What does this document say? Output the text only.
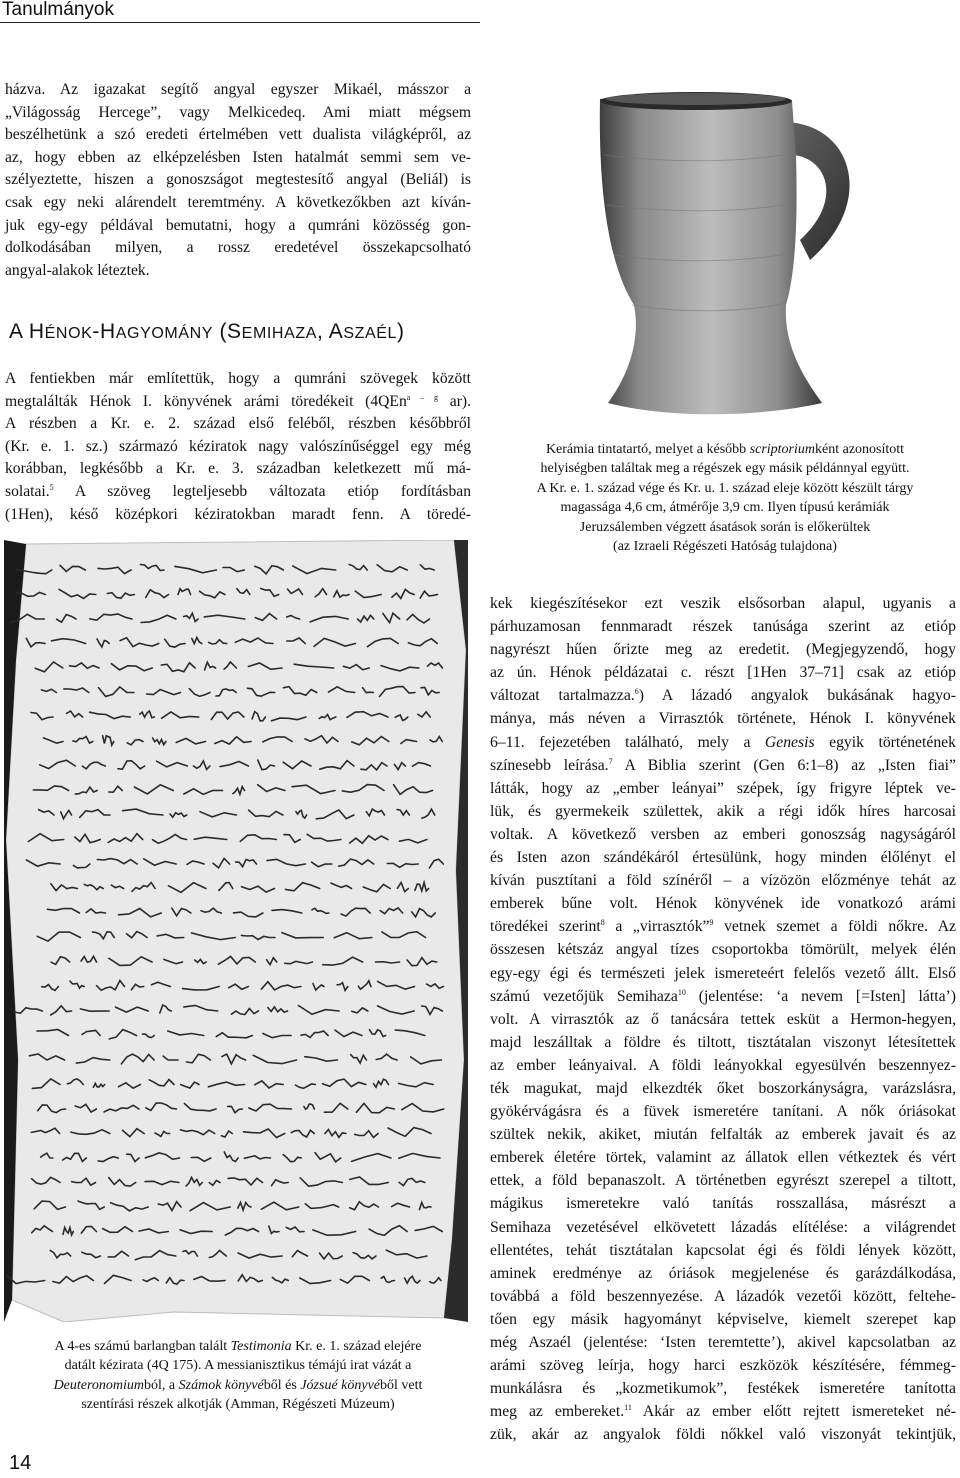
Tanulmányok

házva. Az igazakat segítő angyal egyszer Mikaél, másszor a
„Világosság Hercege”, vagy Melkicedeq. Ami miatt mégsem
beszélhetünk a szó eredeti értelmében vett dualista világképről, az
az, hogy ebben az elképzelésben Isten hatalmát semmi sem ve-
szélyeztette, hiszen a gonoszságot megtestesítő angyal (Beliál) is
csak egy neki alárendelt teremtmény. A következőkben azt kíván-
juk egy-egy példával bemutatni, hogy a qumráni közösség gon-
dolkodásában milyen, a rossz eredetével összekapcsolható
angyal-alakok léteztek.

A HÉNOK-HAGYOMÁNY (SEMIHAZA, ASZAÉL)

A fentiekben már említettük, hogy a qumráni szövegek között
megtalálták Hénok I. könyvének arámi töredékeit (4QEn$^{a - g}$ ar).
A részben a Kr. e. 2. század első feléből, részben későbbről
(Kr. e. 1. sz.) származó kéziratok nagy valószínűséggel egy még
korábban, legkésőbb a Kr. e. 3. században keletkezett mű má-
solatai.$^5$ A szöveg legteljesebb változata etióp fordításban
(1Hen), késő középkori kéziratokban maradt fenn. A töredé-

Kerámia tintatartó, melyet a később scriptoriumként azonosított

helyiségben találtak meg a régészek egy másik példánnyal együtt.

A Kr. e. 1. század vége és Kr. u. 1. század eleje között készült tárgy

magassága 4,6 cm, átmérője 3,9 cm. Ilyen típusú kerámiák

Jeruzsálemben végzett ásatások során is előkerültek

(az Izraeli Régészeti Hatóság tulajdona)

A 4-es számú barlangban talált Testimonia Kr. e. 1. század elejére

datált kézirata (4Q 175). A messianisztikus témájú irat vázát a

Deuteronomiumból, a Számok könyvéből és Józsué könyvéből vett

szentírási részek alkotják (Amman, Régészeti Múzeum)

kek kiegészítésekor ezt veszik elsősorban alapul, ugyanis a
párhuzamosan fennmaradt részek tanúsága szerint az etióp
nagyrészt hűen őrizte meg az eredetit. (Megjegyzendő, hogy
az ún. Hénok példázatai c. részt [1Hen 37–71] csak az etióp
változat tartalmazza.$^6$) A lázadó angyalok bukásának hagyo-
mánya, más néven a Virrasztók története, Hénok I. könyvének
6–11. fejezetében található, mely a Genesis egyik történetének
színesebb leírása.$^7$ A Biblia szerint (Gen 6:1–8) az „Isten fiai”
látták, hogy az „ember leányai” szépek, így frigyre léptek ve-
lük, és gyermekeik születtek, akik a régi idők híres harcosai
voltak. A következő versben az emberi gonoszság nagyságáról
és Isten azon szándékáról értesülünk, hogy minden élőlényt el
kíván pusztítani a föld színéről – a vízözön előzménye tehát az
emberek bűne volt. Hénok könyvének ide vonatkozó arámi
töredékei szerint$^8$ a „virrasztók”$^9$ vetnek szemet a földi nőkre. Az
összesen kétszáz angyal tízes csoportokba tömörült, melyek élén
egy-egy égi és természeti jelek ismereteért felelős vezető állt. Első
számú vezetőjük Semihaza$^{10}$ (jelentése: ‘a nevem [=Isten] látta’)
volt. A virrasztók az ő tanácsára tettek esküt a Hermon-hegyen,
majd leszálltak a földre és tiltott, tisztátalan viszonyt létesítettek
az ember leányaival. A földi leányokkal egyesülvén beszennyez-
ték magukat, majd elkezdték őket boszorkányságra, varázslásra,
gyökérvágásra és a füvek ismeretére tanítani. A nők óriásokat
szültek nekik, akiket, miután felfalták az emberek javait és az
emberek életére törtek, valamint az állatok ellen vétkeztek és vért
ettek, a föld bepanaszolt. A történetben egyrészt szerepel a tiltott,
mágikus ismeretekre való tanítás rosszallása, másrészt a
Semihaza vezetésével elkövetett lázadás elítélése: a világrendet
ellentétes, tehát tisztátalan kapcsolat égi és földi lények között,
aminek eredménye az óriások megjelenése és garázdálkodása,
továbbá a föld beszennyezése. A lázadók vezetői között, feltehe-
tően egy másik hagyományt képviselve, kiemelt szerepet kap
még Aszaél (jelentése: ‘Isten teremtette’), akivel kapcsolatban az
arámi szöveg leírja, hogy harci eszközök készítésére, fémmeg-
munkálásra és „kozmetikumok”, festékek ismeretére tanította
meg az embereket.$^{11}$ Akár az ember előtt rejtett ismereteket né-
zük, akár az angyalok földi nőkkel való viszonyát tekintjük,

14
